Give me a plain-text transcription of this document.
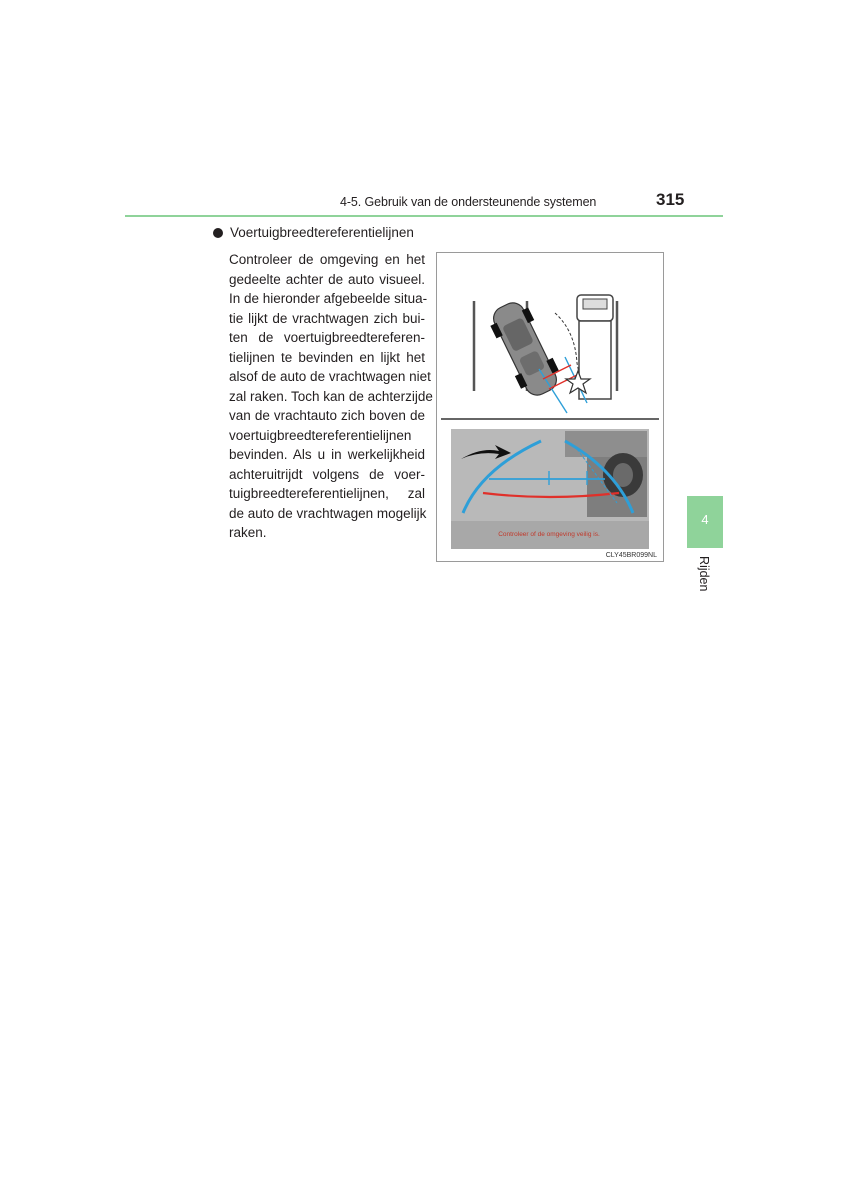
4-5. Gebruik van de ondersteunende systemen	315
Voertuigbreedtereferentielijnen

Controleer de omgeving en het
gedeelte achter de auto visueel.
In de hieronder afgebeelde situa-
tie lijkt de vrachtwagen zich bui-
ten de voertuigbreedtereferen-
tielijnen te bevinden en lijkt het
alsof de auto de vrachtwagen niet
zal raken. Toch kan de achterzijde
van de vrachtauto zich boven de
voertuigbreedtereferentielijnen
bevinden. Als u in werkelijkheid
achteruitrijdt volgens de voer-
tuigbreedtereferentielijnen, zal
de auto de vrachtwagen mogelijk
raken.	Controleer of de omgeving veilig is.
CLY45BR099NL
4
Rijden
